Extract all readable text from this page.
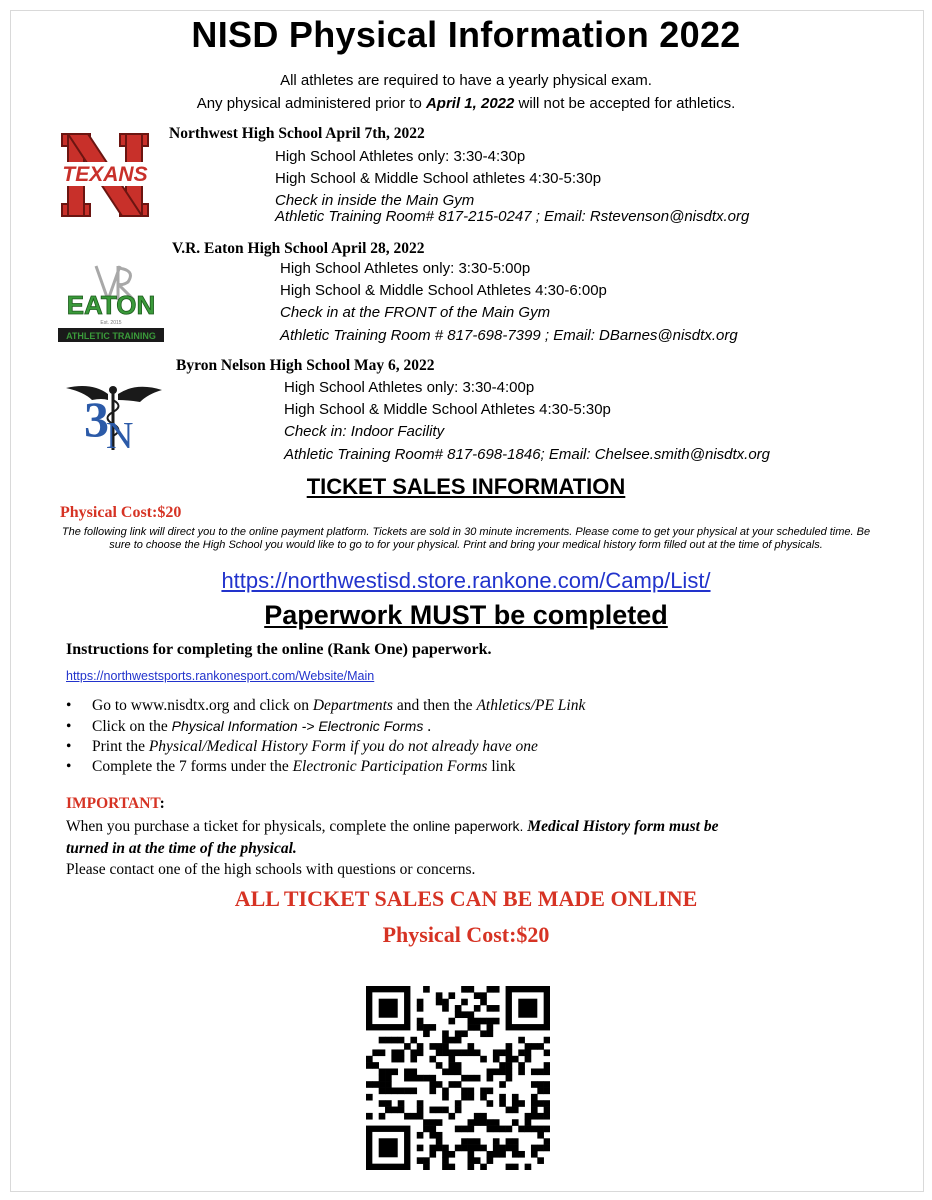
NISD Physical Information 2022
All athletes are required to have a yearly physical exam.
Any physical administered prior to April 1, 2022 will not be accepted for athletics.
TEXANS
Northwest High School April 7th, 2022
High School Athletes only: 3:30-4:30p
High School & Middle School athletes 4:30-5:30p
Check in inside the Main Gym
Athletic Training Room# 817-215-0247 ; Email: Rstevenson@nisdtx.org
EATON
Est. 2015
ATHLETIC TRAINING
V.R. Eaton High School April 28, 2022
High School Athletes only: 3:30-5:00p
High School & Middle School Athletes 4:30-6:00p
Check in at the FRONT of the Main Gym
Athletic Training Room # 817-698-7399 ; Email: DBarnes@nisdtx.org
3
N
Byron Nelson High School May 6, 2022
High School Athletes only: 3:30-4:00p
High School & Middle School Athletes 4:30-5:30p
Check in: Indoor Facility
Athletic Training Room# 817-698-1846; Email: Chelsee.smith@nisdtx.org
TICKET SALES INFORMATION
Physical Cost:$20
The following link will direct you to the online payment platform. Tickets are sold in 30 minute increments. Please come to get your physical at your scheduled time. Be sure to choose the High School you would like to go to for your physical. Print and bring your medical history form filled out at the time of physicals.
https://northwestisd.store.rankone.com/Camp/List/
Paperwork MUST be completed
Instructions for completing the online (Rank One) paperwork.
https://northwestsports.rankonesport.com/Website/Main
• Go to www.nisdtx.org and click on Departments and then the Athletics/PE Link
• Click on the Physical Information -> Electronic Forms .
• Print the Physical/Medical History Form if you do not already have one
• Complete the 7 forms under the Electronic Participation Forms link
IMPORTANT:
When you purchase a ticket for physicals, complete the online paperwork. Medical History form must be
turned in at the time of the physical.
Please contact one of the high schools with questions or concerns.
ALL TICKET SALES CAN BE MADE ONLINE
Physical Cost:$20
